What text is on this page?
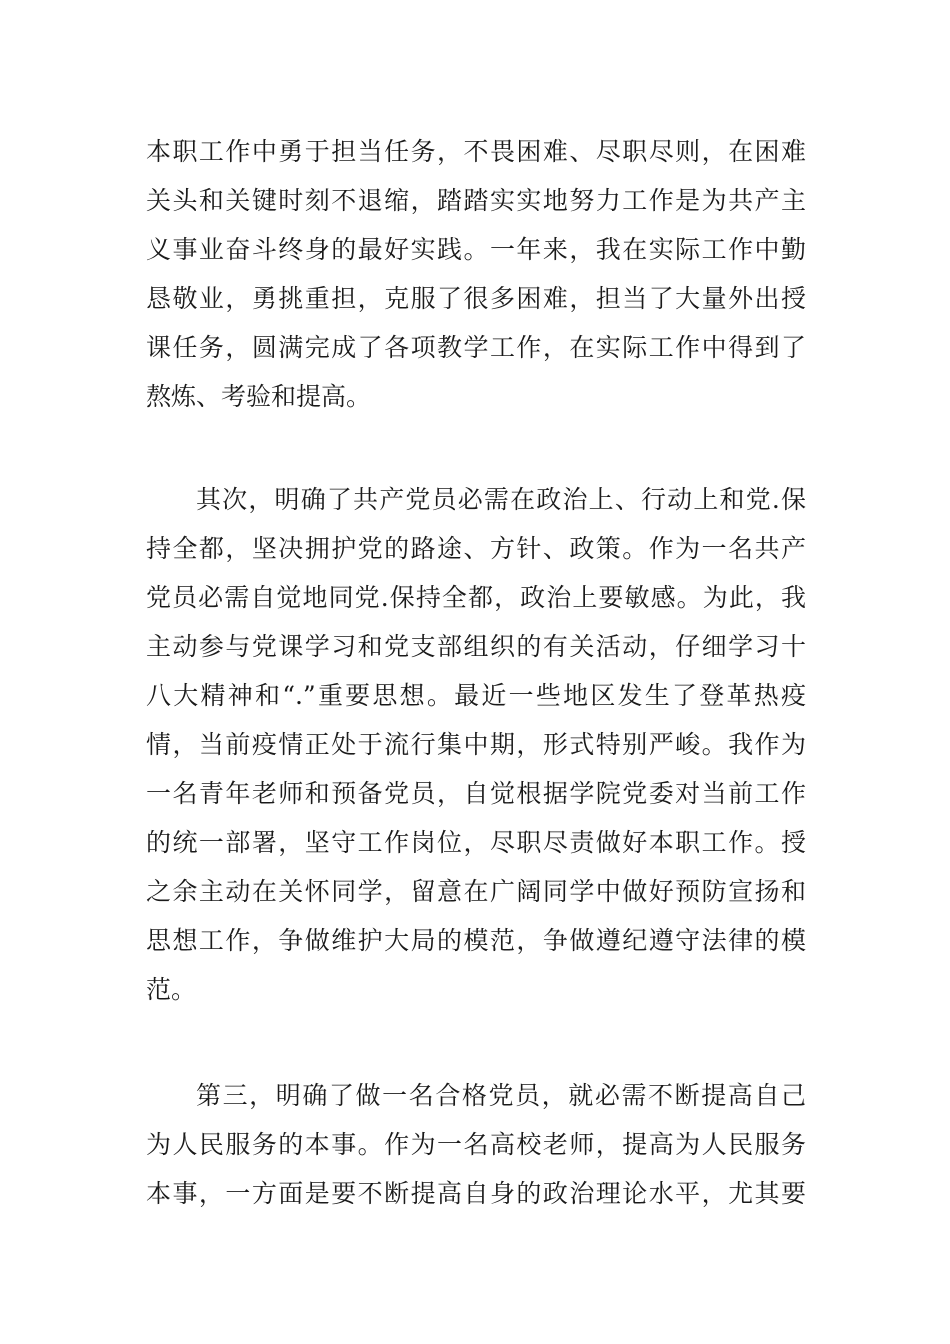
本职工作中勇于担当任务，不畏困难、尽职尽则，在困难
关头和关键时刻不退缩，踏踏实实地努力工作是为共产主
义事业奋斗终身的最好实践。一年来，我在实际工作中勤
恳敬业，勇挑重担，克服了很多困难，担当了大量外出授
课任务，圆满完成了各项教学工作，在实际工作中得到了
熬炼、考验和提高。
其次，明确了共产党员必需在政治上、行动上和党.保
持全都，坚决拥护党的路途、方针、政策。作为一名共产
党员必需自觉地同党.保持全都，政治上要敏感。为此，我
主动参与党课学习和党支部组织的有关活动，仔细学习十
八大精神和“.”重要思想。最近一些地区发生了登革热疫
情，当前疫情正处于流行集中期，形式特别严峻。我作为
一名青年老师和预备党员，自觉根据学院党委对当前工作
的统一部署，坚守工作岗位，尽职尽责做好本职工作。授
之余主动在关怀同学，留意在广阔同学中做好预防宣扬和
思想工作，争做维护大局的模范，争做遵纪遵守法律的模
范。
第三，明确了做一名合格党员，就必需不断提高自己
为人民服务的本事。作为一名高校老师，提高为人民服务
本事，一方面是要不断提高自身的政治理论水平，尤其要
